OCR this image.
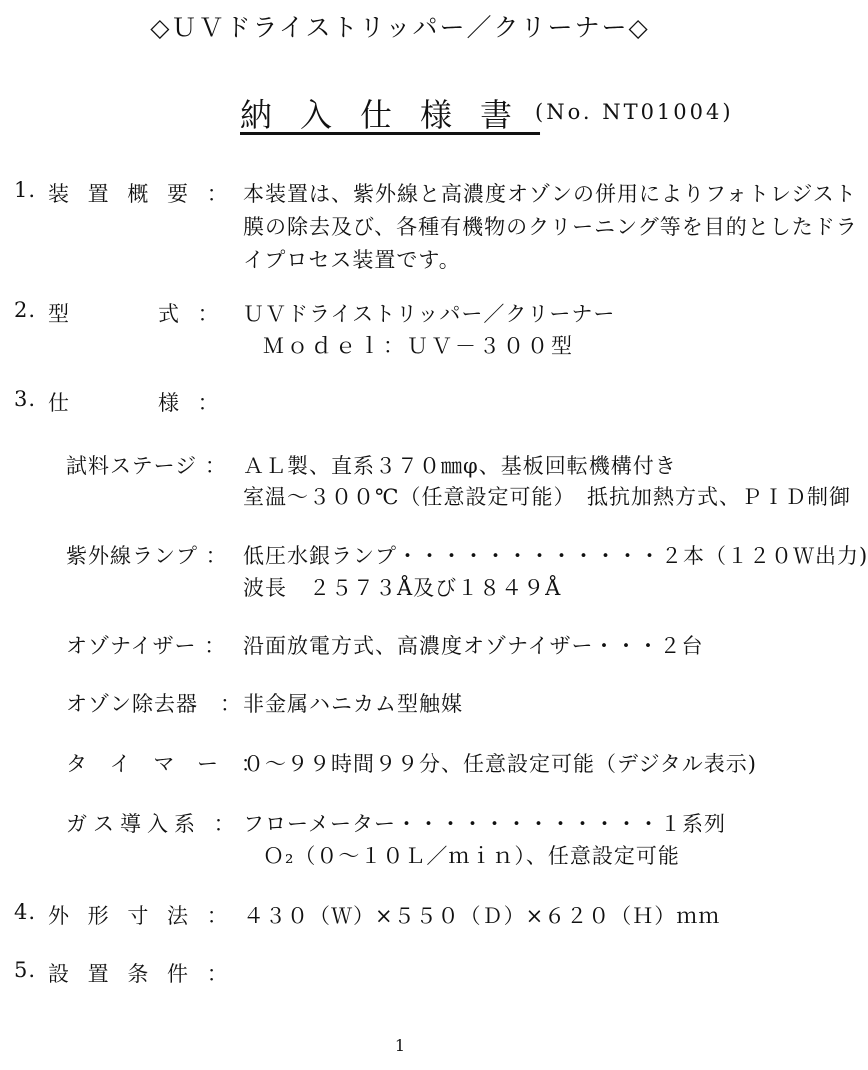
◇ＵＶドライストリッパー／クリーナー◇
納入仕様書
(No. NT01004)
1. 装 置 概 要 ： 本装置は、紫外線と高濃度オゾンの併用によりフォトレジスト
膜の除去及び、各種有機物のクリーニング等を目的としたドラ
イプロセス装置です。
2. 型	式 ： ＵＶドライストリッパー／クリーナー
Ｍｏｄｅｌ：ＵＶ－３００型
3. 仕	様 ：
試料ステージ ： ＡＬ製、直系３７０㎜φ、基板回転機構付き
室温～３００℃（任意設定可能）　抵抗加熱方式、ＰＩＤ制御
紫外線ランプ ： 低圧水銀ランプ・・・・・・・・・・・・２本（１２０Ｗ出力)
波長　２５７３Å及び１８４９Å
オゾナイザー ： 沿面放電方式、高濃度オゾナイザー・・・２台
オゾン除去器　： 非金属ハニカム型触媒
タ イ マ ー ：
０～９９時間９９分、任意設定可能（デジタル表示)
ガス導入系 ： フローメーター・・・・・・・・・・・・１系列
Ｏ₂（０～１０Ｌ／ｍｉｎ）、任意設定可能
4. 外 形 寸 法 ： ４３０（Ｗ）×５５０（Ｄ）×６２０（Ｈ）ｍｍ
5. 設 置 条 件 ：
1
